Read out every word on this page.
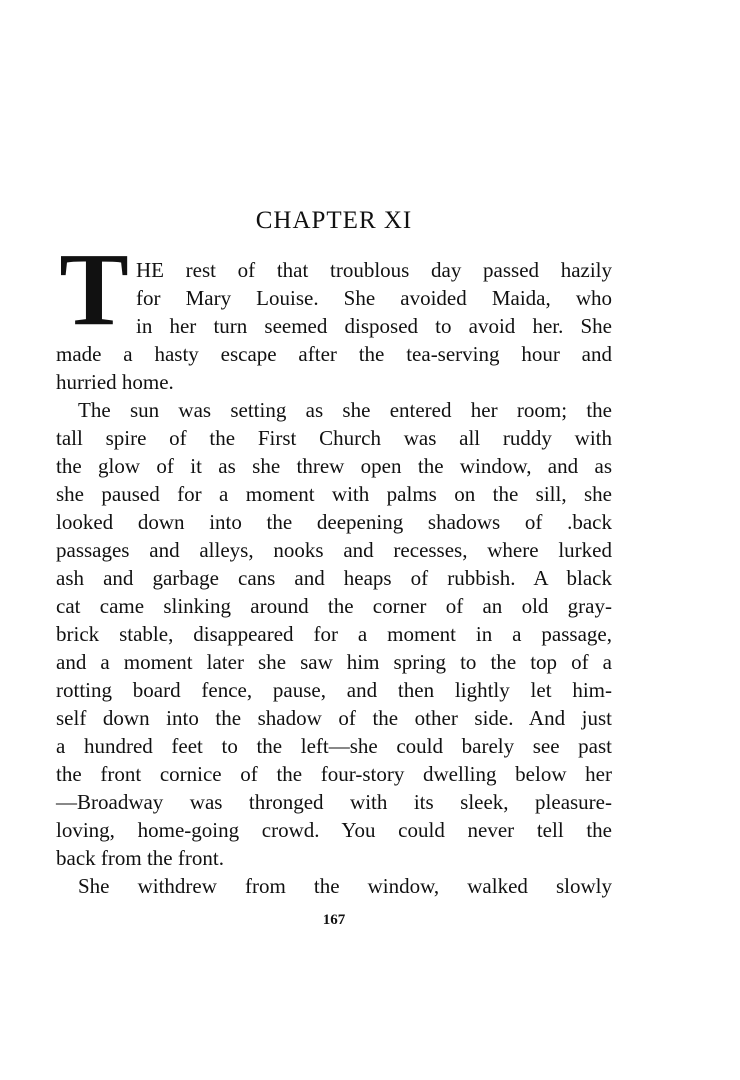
CHAPTER XI
T HE rest of that troublous day passed hazily
for Mary Louise. She avoided Maida, who
in her turn seemed disposed to avoid her. She
made a hasty escape after the tea-serving hour and
hurried home.
The sun was setting as she entered her room; the
tall spire of the First Church was all ruddy with
the glow of it as she threw open the window, and as
she paused for a moment with palms on the sill, she
looked down into the deepening shadows of .back
passages and alleys, nooks and recesses, where lurked
ash and garbage cans and heaps of rubbish. A black
cat came slinking around the corner of an old gray-
brick stable, disappeared for a moment in a passage,
and a moment later she saw him spring to the top of a
rotting board fence, pause, and then lightly let him-
self down into the shadow of the other side. And just
a hundred feet to the left—she could barely see past
the front cornice of the four-story dwelling below her
—Broadway was thronged with its sleek, pleasure-
loving, home-going crowd. You could never tell the
back from the front.
She withdrew from the window, walked slowly

167
